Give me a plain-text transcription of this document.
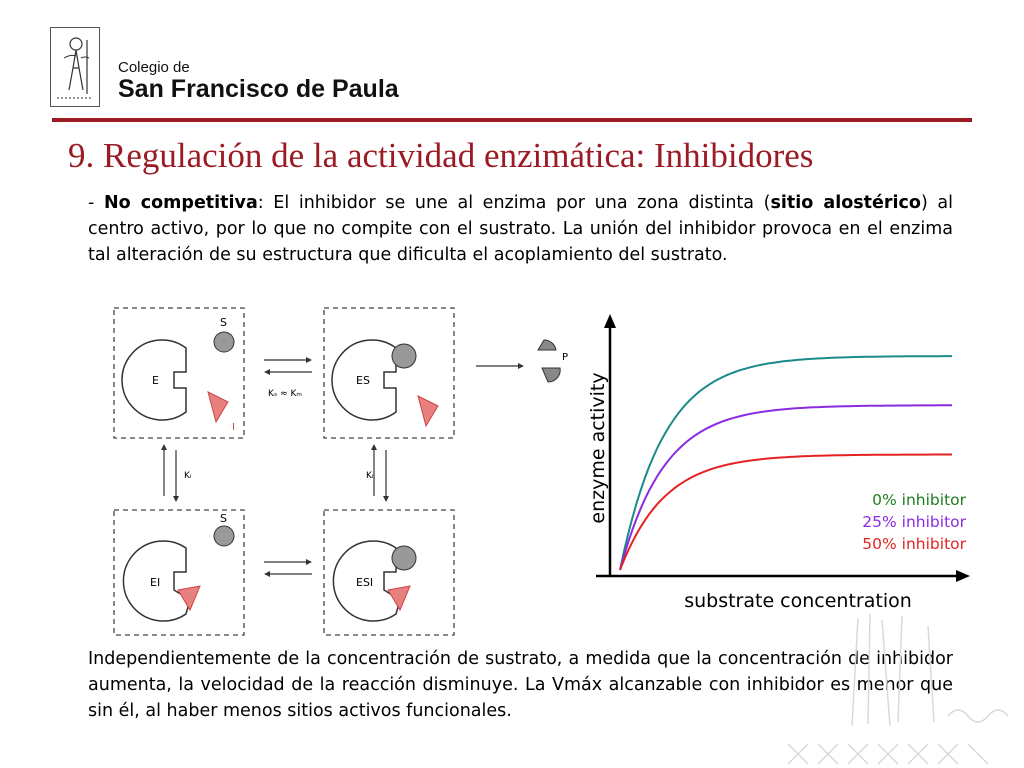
Colegio de
San Francisco de Paula
9. Regulación de la actividad enzimática: Inhibidores
- No competitiva: El inhibidor se une al enzima por una zona distinta (sitio alostérico) al centro activo, por lo que no compite con el sustrato. La unión del inhibidor provoca en el enzima tal alteración de su estructura que dificulta el acoplamiento del sustrato.
S
E
I
Kₛ ≈ Kₘ
ES
P
Kᵢ	Kᵢ
S
EI	ESI
enzyme activity
substrate concentration
0% inhibitor
25% inhibitor
50% inhibitor
Independientemente de la concentración de sustrato, a medida que la concentración de inhibidor aumenta, la velocidad de la reacción disminuye. La Vmáx alcanzable con inhibidor es menor que sin él, al haber menos sitios activos funcionales.
